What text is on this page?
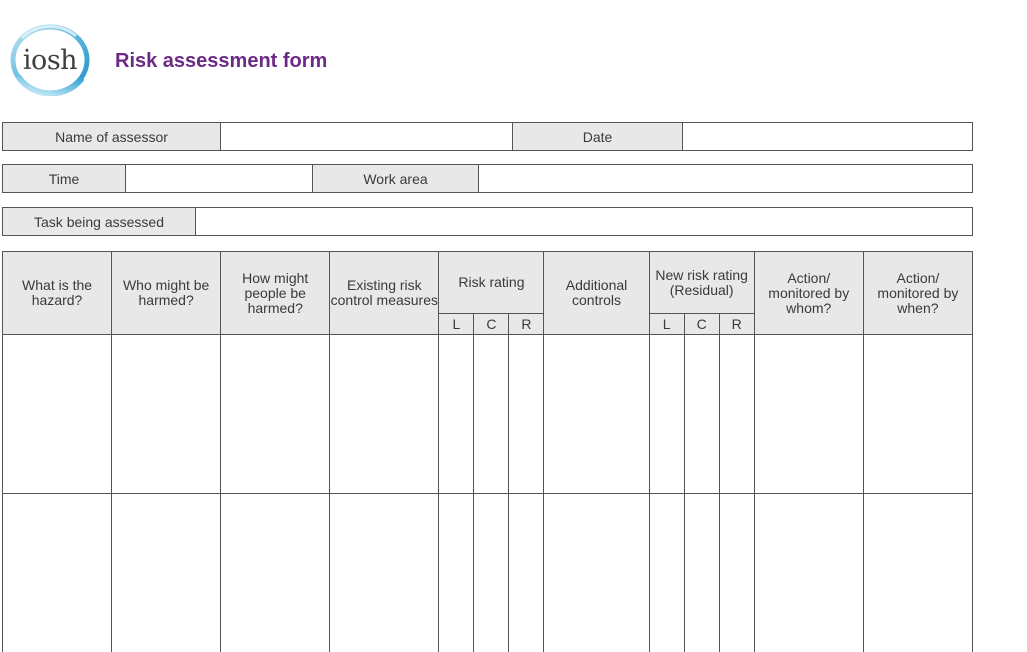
iosh	Risk assessment form
Name of assessor	Date
Time	Work area
Task being assessed
What is the hazard?	Who might be harmed?	How might people be harmed?	Existing risk control measures	Risk rating			Additional controls	New risk rating (Residual)			Action/ monitored by whom?	Action/ monitored by when?
				L	C	R		L	C	R		
